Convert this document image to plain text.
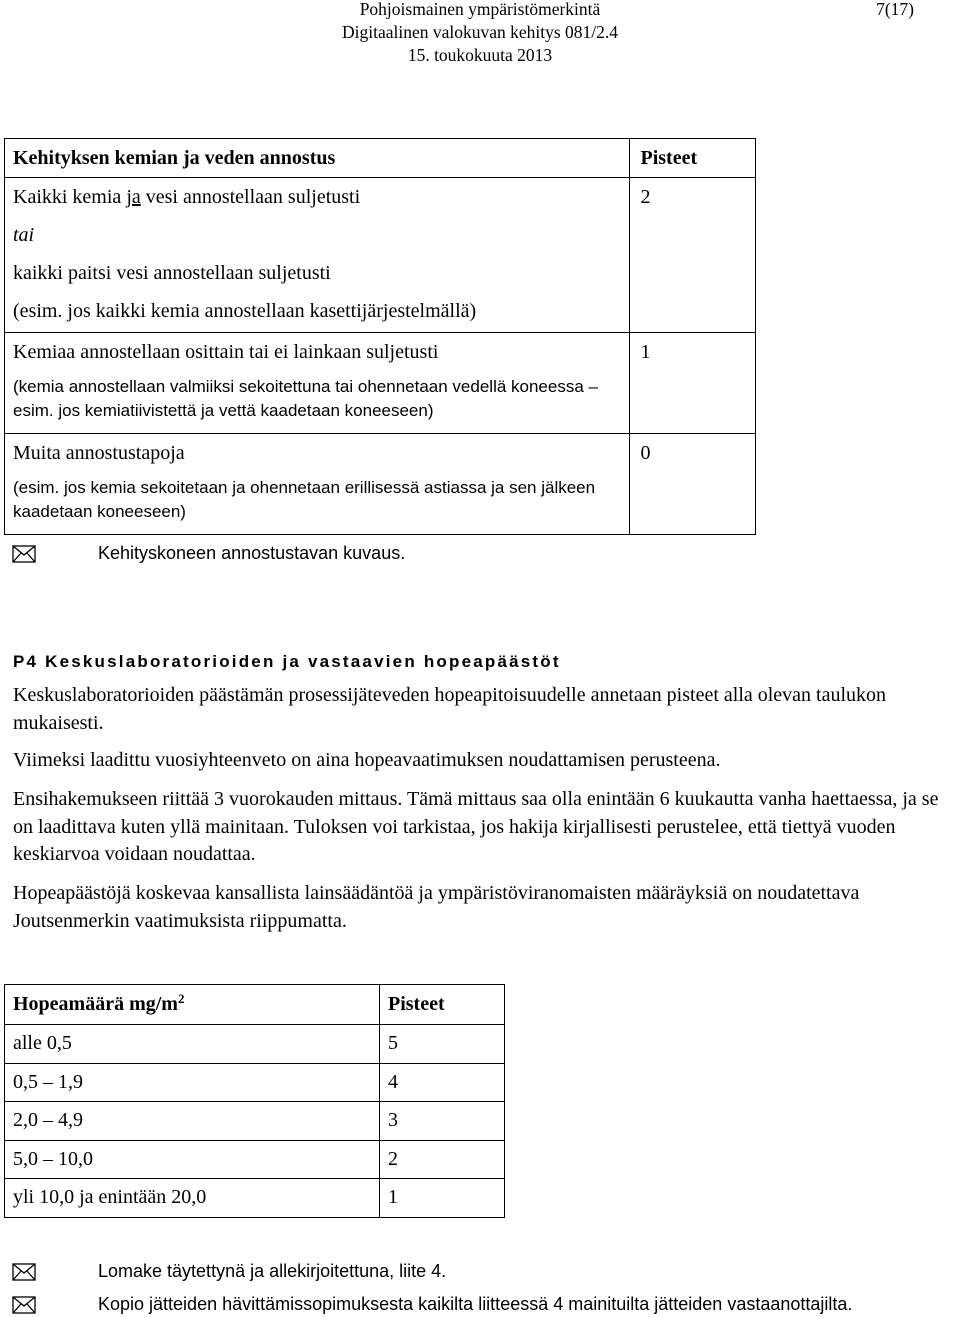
Pohjoismainen ympäristömerkintä
Digitaalinen valokuvan kehitys 081/2.4
15. toukokuuta 2013
7(17)
Kehityksen kemian ja veden annostus	Pisteet

Kaikki kemia ja vesi annostellaan suljetusti
tai
kaikki paitsi vesi annostellaan suljetusti
(esim. jos kaikki kemia annostellaan kasettijärjestelmällä)	2

Kemiaa annostellaan osittain tai ei lainkaan suljetusti
(kemia annostellaan valmiiksi sekoitettuna tai ohennetaan vedellä koneessa – esim. jos kemiatiivistettä ja vettä kaadetaan koneeseen)	1

Muita annostustapoja
(esim. jos kemia sekoitetaan ja ohennetaan erillisessä astiassa ja sen jälkeen kaadetaan koneeseen)	0
Kehityskoneen annostustavan kuvaus.
P4 Keskuslaboratorioiden ja vastaavien hopeapäästöt
Keskuslaboratorioiden päästämän prosessijäteveden hopeapitoisuudelle annetaan pisteet alla olevan taulukon mukaisesti.
Viimeksi laadittu vuosiyhteenveto on aina hopeavaatimuksen noudattamisen perusteena.
Ensihakemukseen riittää 3 vuorokauden mittaus. Tämä mittaus saa olla enintään 6 kuukautta vanha haettaessa, ja se on laadittava kuten yllä mainitaan. Tuloksen voi tarkistaa, jos hakija kirjallisesti perustelee, että tiettyä vuoden keskiarvoa voidaan noudattaa.
Hopeapäästöjä koskevaa kansallista lainsäädäntöä ja ympäristöviranomaisten määräyksiä on noudatettava Joutsenmerkin vaatimuksista riippumatta.
Hopeamäärä $mg/m^2$	Pisteet
alle 0,5	5
0,5 – 1,9	4
2,0 – 4,9	3
5,0 – 10,0	2
yli 10,0 ja enintään 20,0	1
Lomake täytettynä ja allekirjoitettuna, liite 4.
Kopio jätteiden hävittämissopimuksesta kaikilta liitteessä 4 mainituilta jätteiden vastaanottajilta.
